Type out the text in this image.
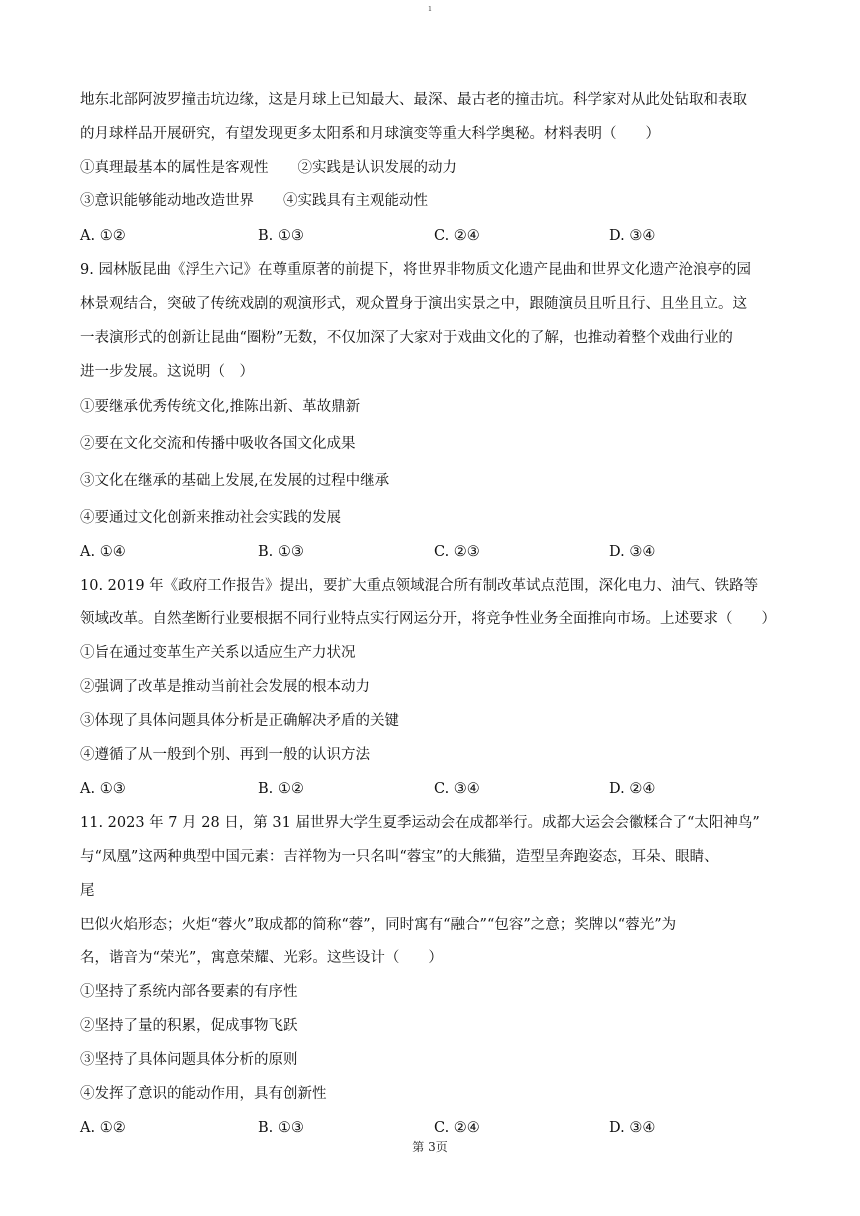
ı
地东北部阿波罗撞击坑边缘，这是月球上已知最大、最深、最古老的撞击坑。科学家对从此处钻取和表取
的月球样品开展研究，有望发现更多太阳系和月球演变等重大科学奥秘。材料表明（　　）
①真理最基本的属性是客观性　　②实践是认识发展的动力
③意识能够能动地改造世界　　④实践具有主观能动性
A. ①②	B. ①③	C. ②④	D. ③④
9. 园林版昆曲《浮生六记》在尊重原著的前提下，将世界非物质文化遗产昆曲和世界文化遗产沧浪亭的园
林景观结合，突破了传统戏剧的观演形式，观众置身于演出实景之中，跟随演员且听且行、且坐且立。这
一表演形式的创新让昆曲“圈粉”无数，不仅加深了大家对于戏曲文化的了解，也推动着整个戏曲行业的
进一步发展。这说明（　）
①要继承优秀传统文化,推陈出新、革故鼎新
②要在文化交流和传播中吸收各国文化成果
③文化在继承的基础上发展,在发展的过程中继承
④要通过文化创新来推动社会实践的发展
A. ①④	B. ①③	C. ②③	D. ③④
10. 2019 年《政府工作报告》提出，要扩大重点领域混合所有制改革试点范围，深化电力、油气、铁路等
领域改革。自然垄断行业要根据不同行业特点实行网运分开，将竞争性业务全面推向市场。上述要求（　　）
①旨在通过变革生产关系以适应生产力状况
②强调了改革是推动当前社会发展的根本动力
③体现了具体问题具体分析是正确解决矛盾的关键
④遵循了从一般到个别、再到一般的认识方法
A. ①③	B. ①②	C. ③④	D. ②④
11. 2023 年 7 月 28 日，第 31 届世界大学生夏季运动会在成都举行。成都大运会会徽糅合了“太阳神鸟”
与“凤凰”这两种典型中国元素：吉祥物为一只名叫“蓉宝”的大熊猫，造型呈奔跑姿态，耳朵、眼睛、
尾
巴似火焰形态；火炬“蓉火”取成都的简称“蓉”，同时寓有“融合”“包容”之意；奖牌以“蓉光”为
名，谐音为“荣光”，寓意荣耀、光彩。这些设计（　　）
①坚持了系统内部各要素的有序性
②坚持了量的积累，促成事物飞跃
③坚持了具体问题具体分析的原则
④发挥了意识的能动作用，具有创新性
A. ①②	B. ①③	C. ②④	D. ③④
第 3页
